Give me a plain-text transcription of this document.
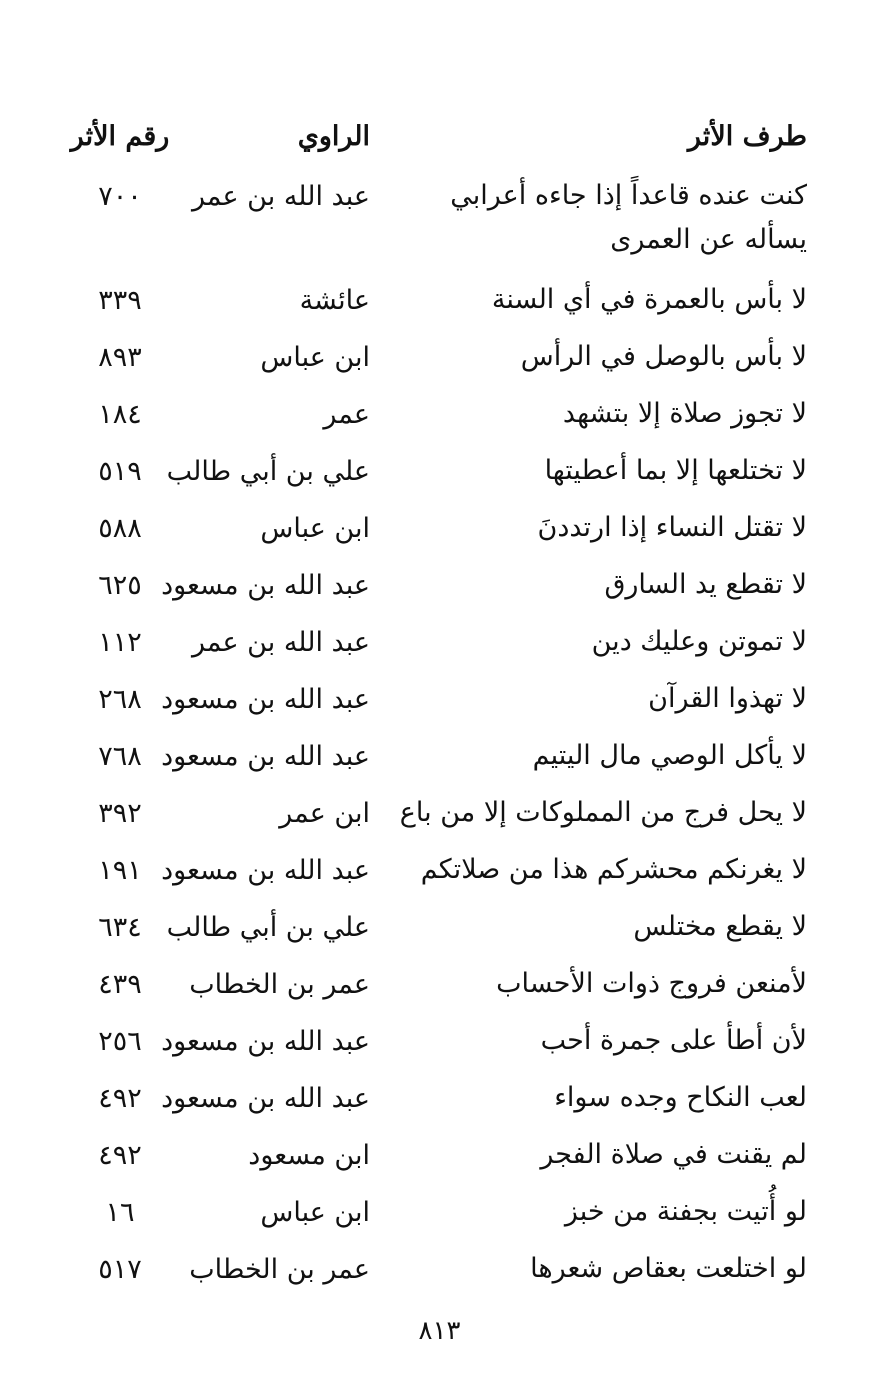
طرف الأثر
الراوي
رقم الأثر
كنت عنده قاعداً إذا جاءه أعرابي يسأله عن العمرى
عبد الله بن عمر
٧٠٠
لا بأس بالعمرة في أي السنة
عائشة
٣٣٩
لا بأس بالوصل في الرأس
ابن عباس
٨٩٣
لا تجوز صلاة إلا بتشهد
عمر
١٨٤
لا تختلعها إلا بما أعطيتها
علي بن أبي طالب
٥١٩
لا تقتل النساء إذا ارتددنَ
ابن عباس
٥٨٨
لا تقطع يد السارق
عبد الله بن مسعود
٦٢٥
لا تموتن وعليك دين
عبد الله بن عمر
١١٢
لا تهذوا القرآن
عبد الله بن مسعود
٢٦٨
لا يأكل الوصي مال اليتيم
عبد الله بن مسعود
٧٦٨
لا يحل فرج من المملوكات إلا من باع
ابن عمر
٣٩٢
لا يغرنكم محشركم هذا من صلاتكم
عبد الله بن مسعود
١٩١
لا يقطع مختلس
علي بن أبي طالب
٦٣٤
لأمنعن فروج ذوات الأحساب
عمر بن الخطاب
٤٣٩
لأن أطأ على جمرة أحب
عبد الله بن مسعود
٢٥٦
لعب النكاح وجده سواء
عبد الله بن مسعود
٤٩٢
لم يقنت في صلاة الفجر
ابن مسعود
٤٩٢
لو أُتيت بجفنة من خبز
ابن عباس
١٦
لو اختلعت بعقاص شعرها
عمر بن الخطاب
٥١٧
٨١٣
